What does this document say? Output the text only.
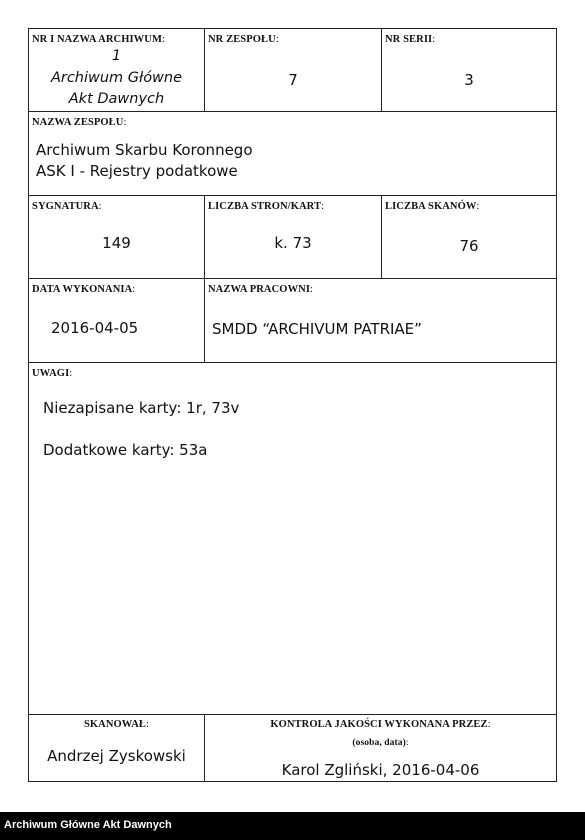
NR I NAZWA ARCHIWUM:
1
Archiwum Główne
Akt Dawnych
NR ZESPOŁU:
7
NR SERII:
3
NAZWA ZESPOŁU:
Archiwum Skarbu Koronnego
ASK I - Rejestry podatkowe
SYGNATURA:
149
LICZBA STRON/KART:
k. 73
LICZBA SKANÓW:
76
DATA WYKONANIA:
2016-04-05
NAZWA PRACOWNI:
SMDD “ARCHIVUM PATRIAE”
UWAGI:
Niezapisane karty: 1r, 73v
Dodatkowe karty: 53a
SKANOWAŁ:
Andrzej Zyskowski
KONTROLA JAKOŚCI WYKONANA PRZEZ:
(osoba, data):
Karol Zgliński, 2016-04-06
Archiwum Główne Akt Dawnych
